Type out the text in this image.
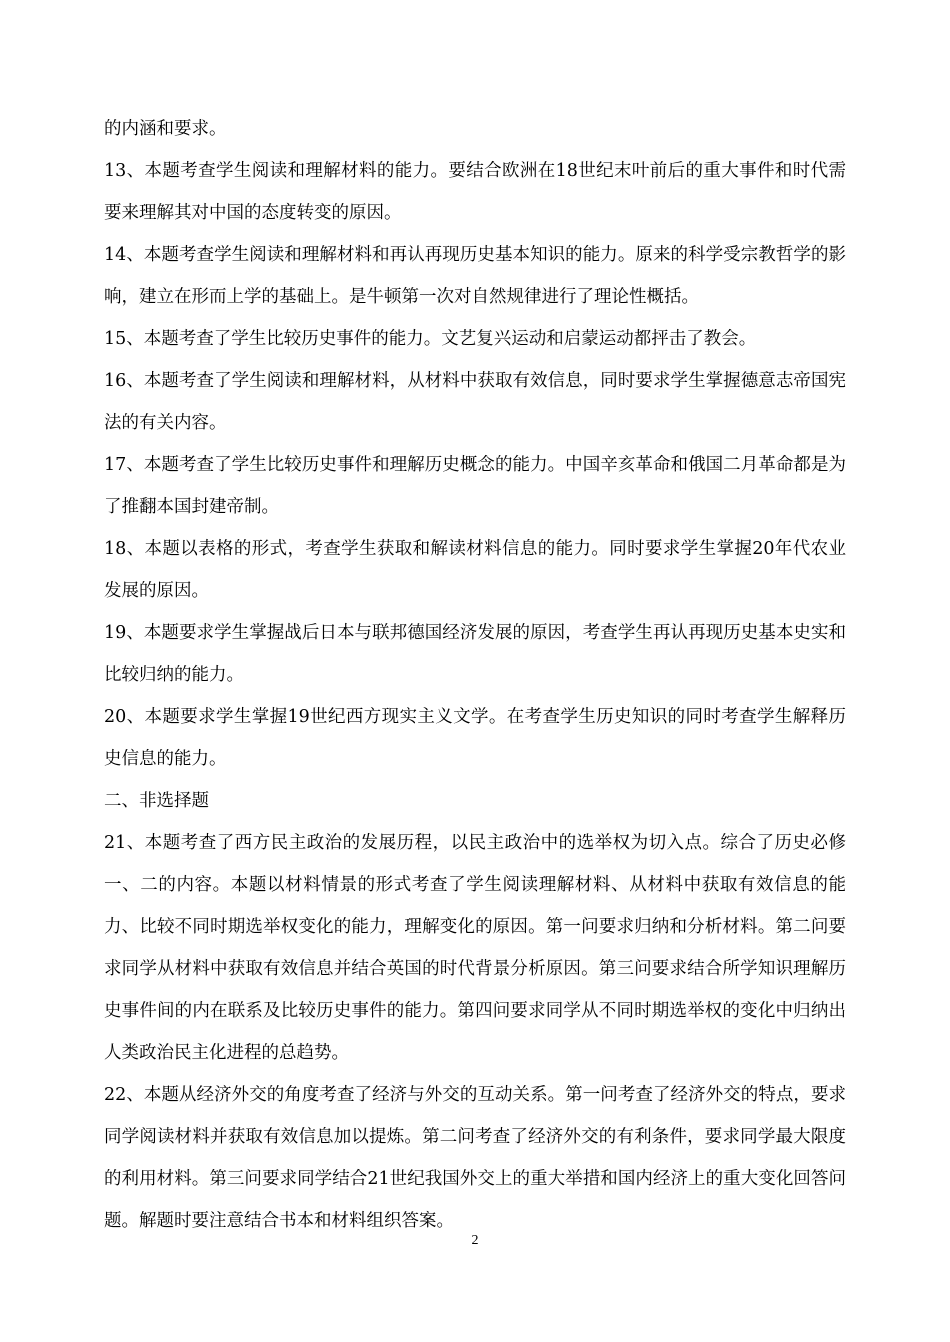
的内涵和要求。

13、本题考查学生阅读和理解材料的能力。要结合欧洲在18世纪末叶前后的重大事件和时代需要来理解其对中国的态度转变的原因。

14、本题考查学生阅读和理解材料和再认再现历史基本知识的能力。原来的科学受宗教哲学的影响，建立在形而上学的基础上。是牛顿第一次对自然规律进行了理论性概括。

15、本题考查了学生比较历史事件的能力。文艺复兴运动和启蒙运动都抨击了教会。

16、本题考查了学生阅读和理解材料，从材料中获取有效信息，同时要求学生掌握德意志帝国宪法的有关内容。

17、本题考查了学生比较历史事件和理解历史概念的能力。中国辛亥革命和俄国二月革命都是为了推翻本国封建帝制。

18、本题以表格的形式，考查学生获取和解读材料信息的能力。同时要求学生掌握20年代农业发展的原因。

19、本题要求学生掌握战后日本与联邦德国经济发展的原因，考查学生再认再现历史基本史实和比较归纳的能力。

20、本题要求学生掌握19世纪西方现实主义文学。在考查学生历史知识的同时考查学生解释历史信息的能力。

二、非选择题

21、本题考查了西方民主政治的发展历程，以民主政治中的选举权为切入点。综合了历史必修一、二的内容。本题以材料情景的形式考查了学生阅读理解材料、从材料中获取有效信息的能力、比较不同时期选举权变化的能力，理解变化的原因。第一问要求归纳和分析材料。第二问要求同学从材料中获取有效信息并结合英国的时代背景分析原因。第三问要求结合所学知识理解历史事件间的内在联系及比较历史事件的能力。第四问要求同学从不同时期选举权的变化中归纳出人类政治民主化进程的总趋势。

22、本题从经济外交的角度考查了经济与外交的互动关系。第一问考查了经济外交的特点，要求同学阅读材料并获取有效信息加以提炼。第二问考查了经济外交的有利条件，要求同学最大限度的利用材料。第三问要求同学结合21世纪我国外交上的重大举措和国内经济上的重大变化回答问题。解题时要注意结合书本和材料组织答案。

2
